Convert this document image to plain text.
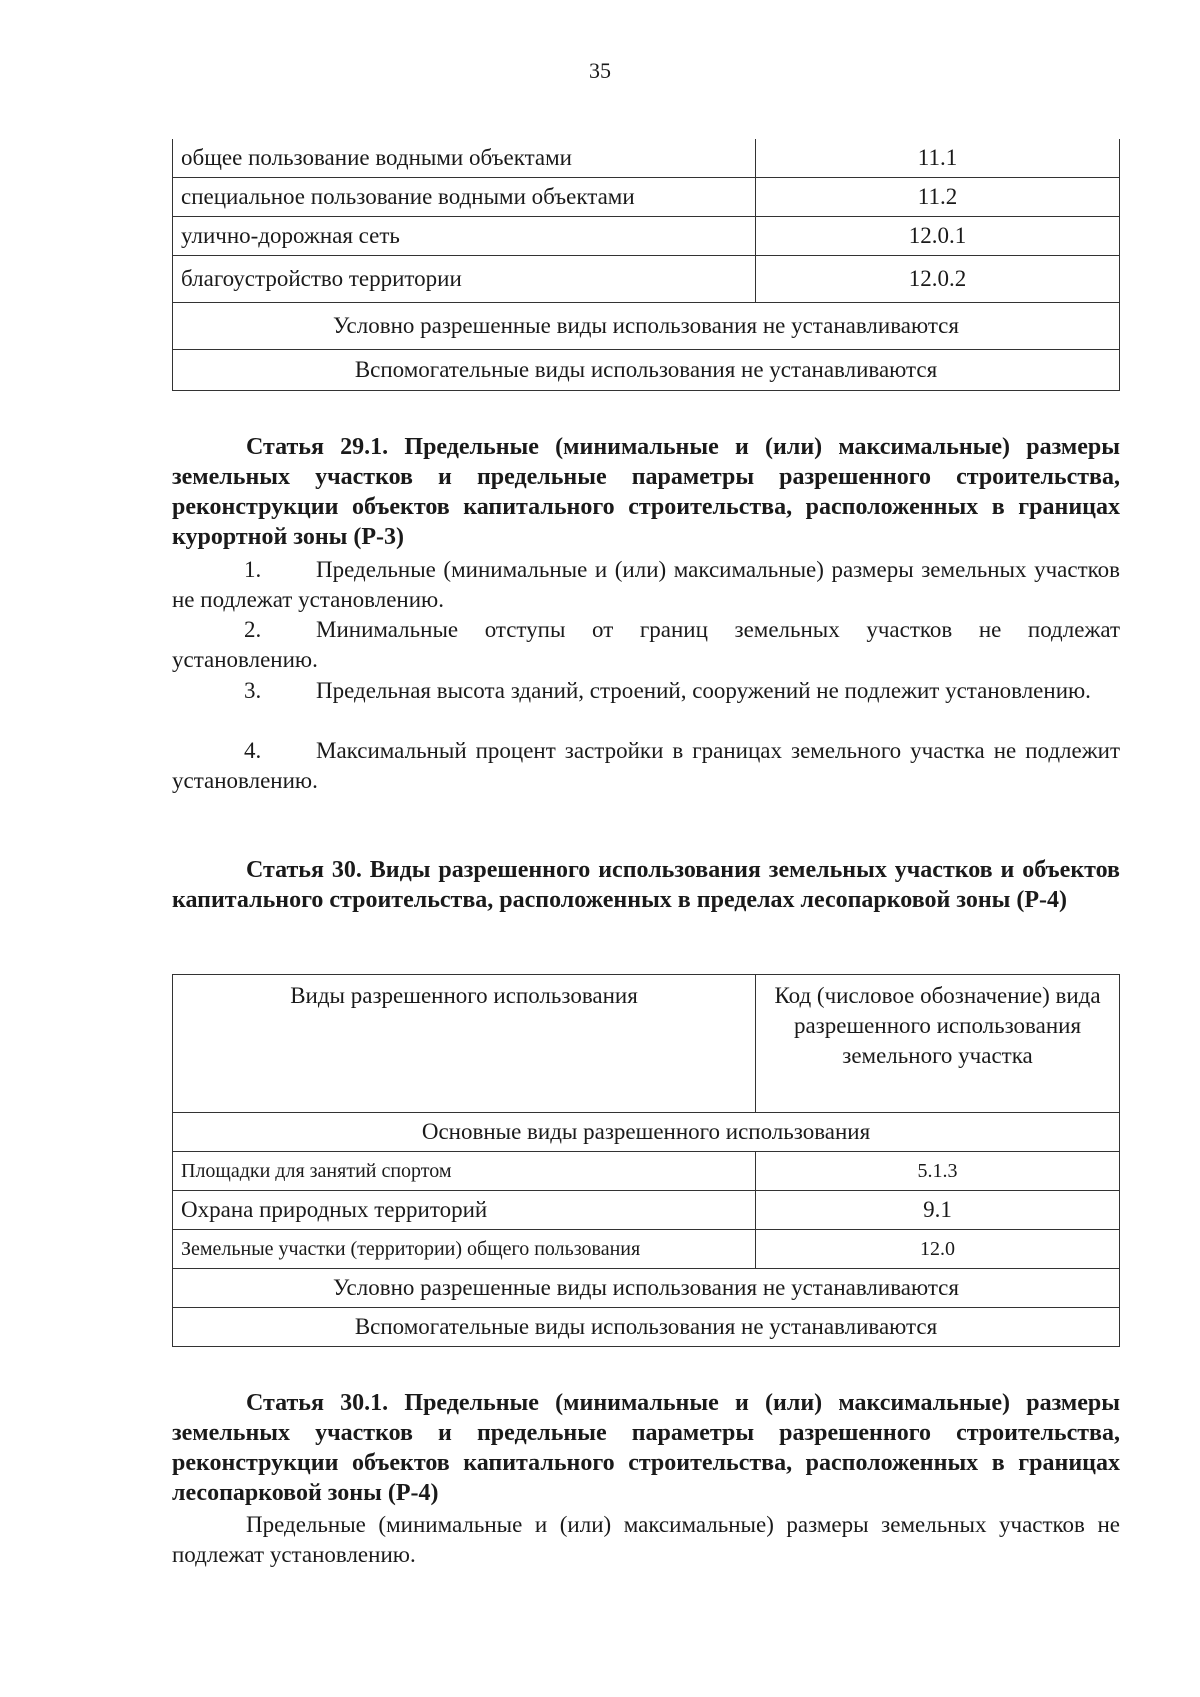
35
общее пользование водными объектами	11.1
специальное пользование водными объектами	11.2
улично-дорожная сеть	12.0.1
благоустройство территории	12.0.2
Условно разрешенные виды использования не устанавливаются	
Вспомогательные виды использования не устанавливаются	
Статья 29.1. Предельные (минимальные и (или) максимальные) размеры земельных участков и предельные параметры разрешенного строительства, реконструкции объектов капитального строительства, расположенных в границах курортной зоны (Р-3)
1. Предельные (минимальные и (или) максимальные) размеры земельных участков не подлежат установлению.
2. Минимальные отступы от границ земельных участков не подлежат установлению.
3. Предельная высота зданий, строений, сооружений не подлежит установлению.
4. Максимальный процент застройки в границах земельного участка не подлежит установлению.
Статья 30. Виды разрешенного использования земельных участков и объектов капитального строительства, расположенных в пределах лесопарковой зоны (Р-4)
Виды разрешенного использования	Код (числовое обозначение) вида разрешенного использования земельного участка
Основные виды разрешенного использования	
Площадки для занятий спортом	5.1.3
Охрана природных территорий	9.1
Земельные участки (территории) общего пользования	12.0
Условно разрешенные виды использования не устанавливаются	
Вспомогательные виды использования не устанавливаются	
Статья 30.1. Предельные (минимальные и (или) максимальные) размеры земельных участков и предельные параметры разрешенного строительства, реконструкции объектов капитального строительства, расположенных в границах лесопарковой зоны (Р-4)
Предельные (минимальные и (или) максимальные) размеры земельных участков не подлежат установлению.
